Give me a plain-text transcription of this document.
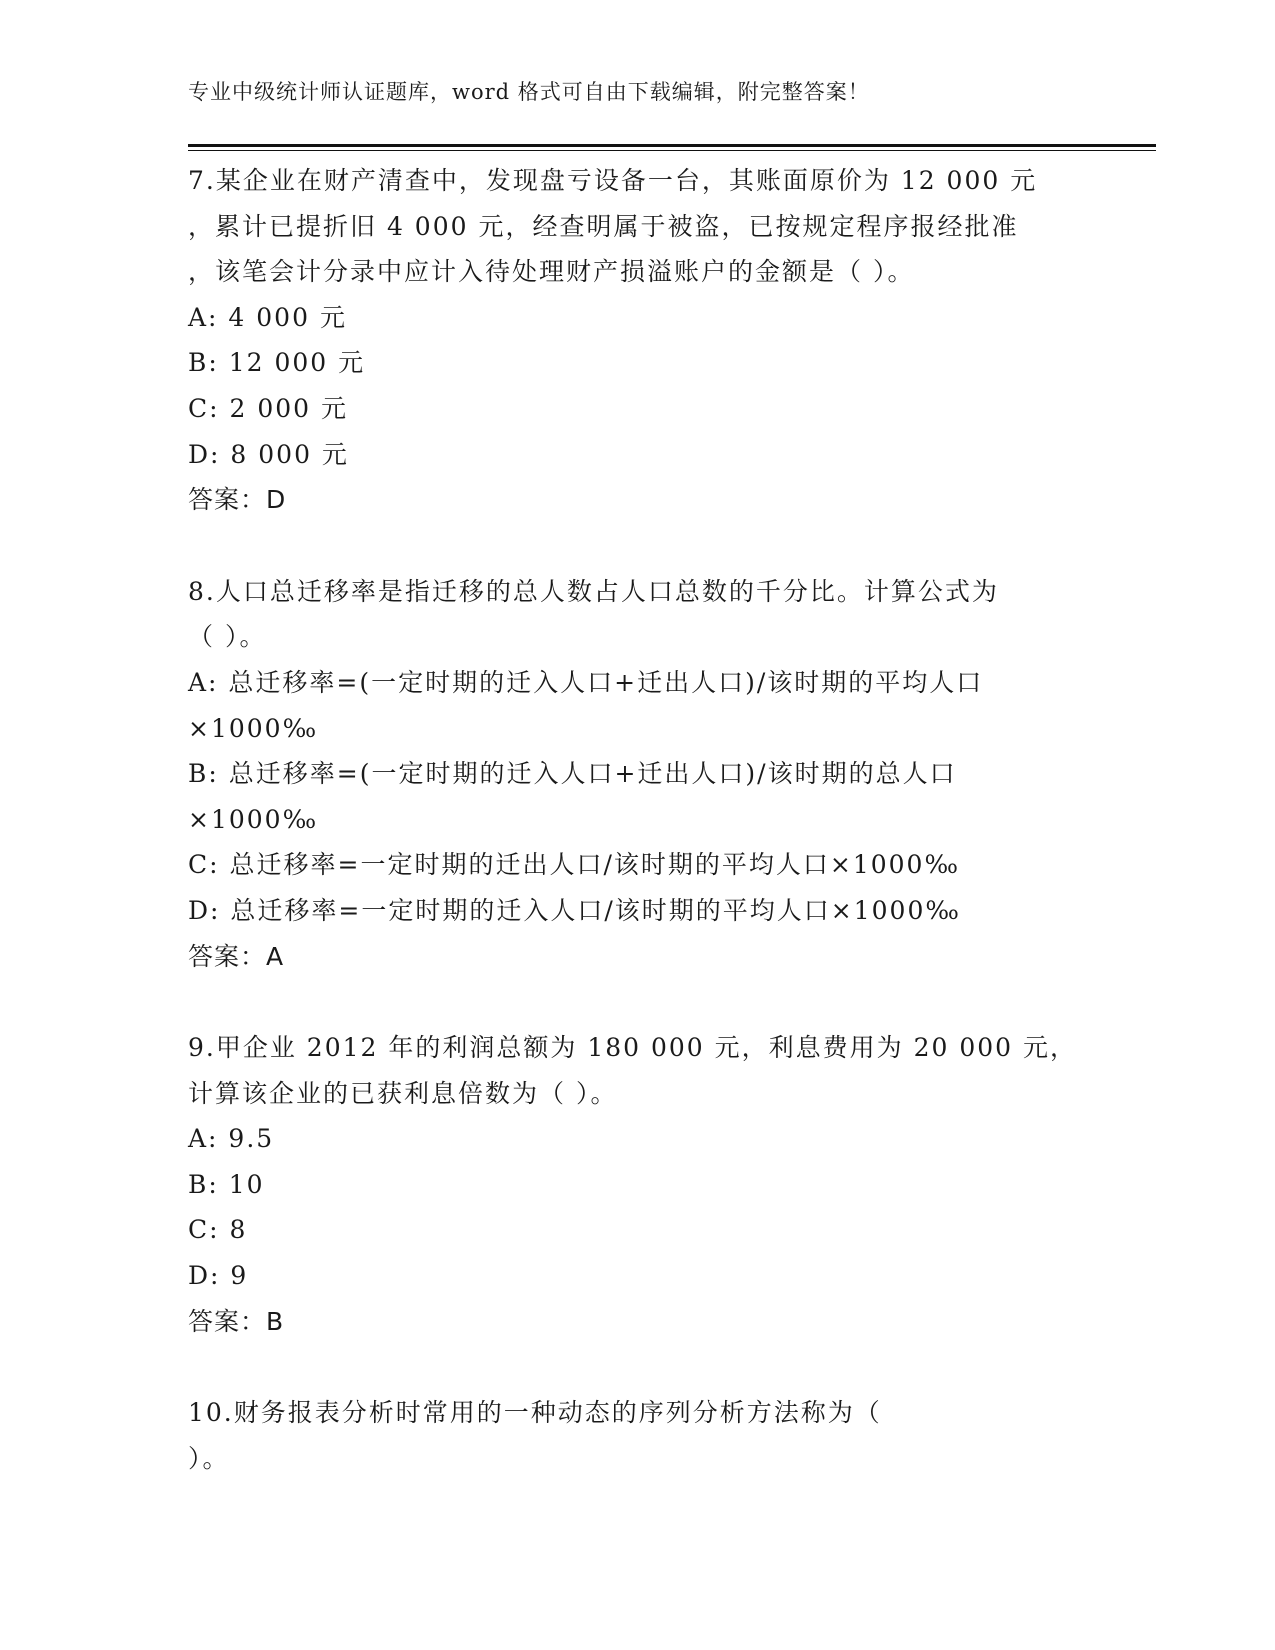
专业中级统计师认证题库，word 格式可自由下载编辑，附完整答案！
7.某企业在财产清查中，发现盘亏设备一台，其账面原价为 12 000 元
，累计已提折旧 4 000 元，经查明属于被盗，已按规定程序报经批准
，该笔会计分录中应计入待处理财产损溢账户的金额是（ ）。
A: 4 000 元
B: 12 000 元
C: 2 000 元
D: 8 000 元
答案：D
8.人口总迁移率是指迁移的总人数占人口总数的千分比。计算公式为
（ ）。
A: 总迁移率=(一定时期的迁入人口+迁出人口)/该时期的平均人口
×1000‰
B: 总迁移率=(一定时期的迁入人口+迁出人口)/该时期的总人口
×1000‰
C: 总迁移率=一定时期的迁出人口/该时期的平均人口×1000‰
D: 总迁移率=一定时期的迁入人口/该时期的平均人口×1000‰
答案：A
9.甲企业 2012 年的利润总额为 180 000 元，利息费用为 20 000 元，
计算该企业的已获利息倍数为（ ）。
A: 9.5
B: 10
C: 8
D: 9
答案：B
10.财务报表分析时常用的一种动态的序列分析方法称为（
）。
